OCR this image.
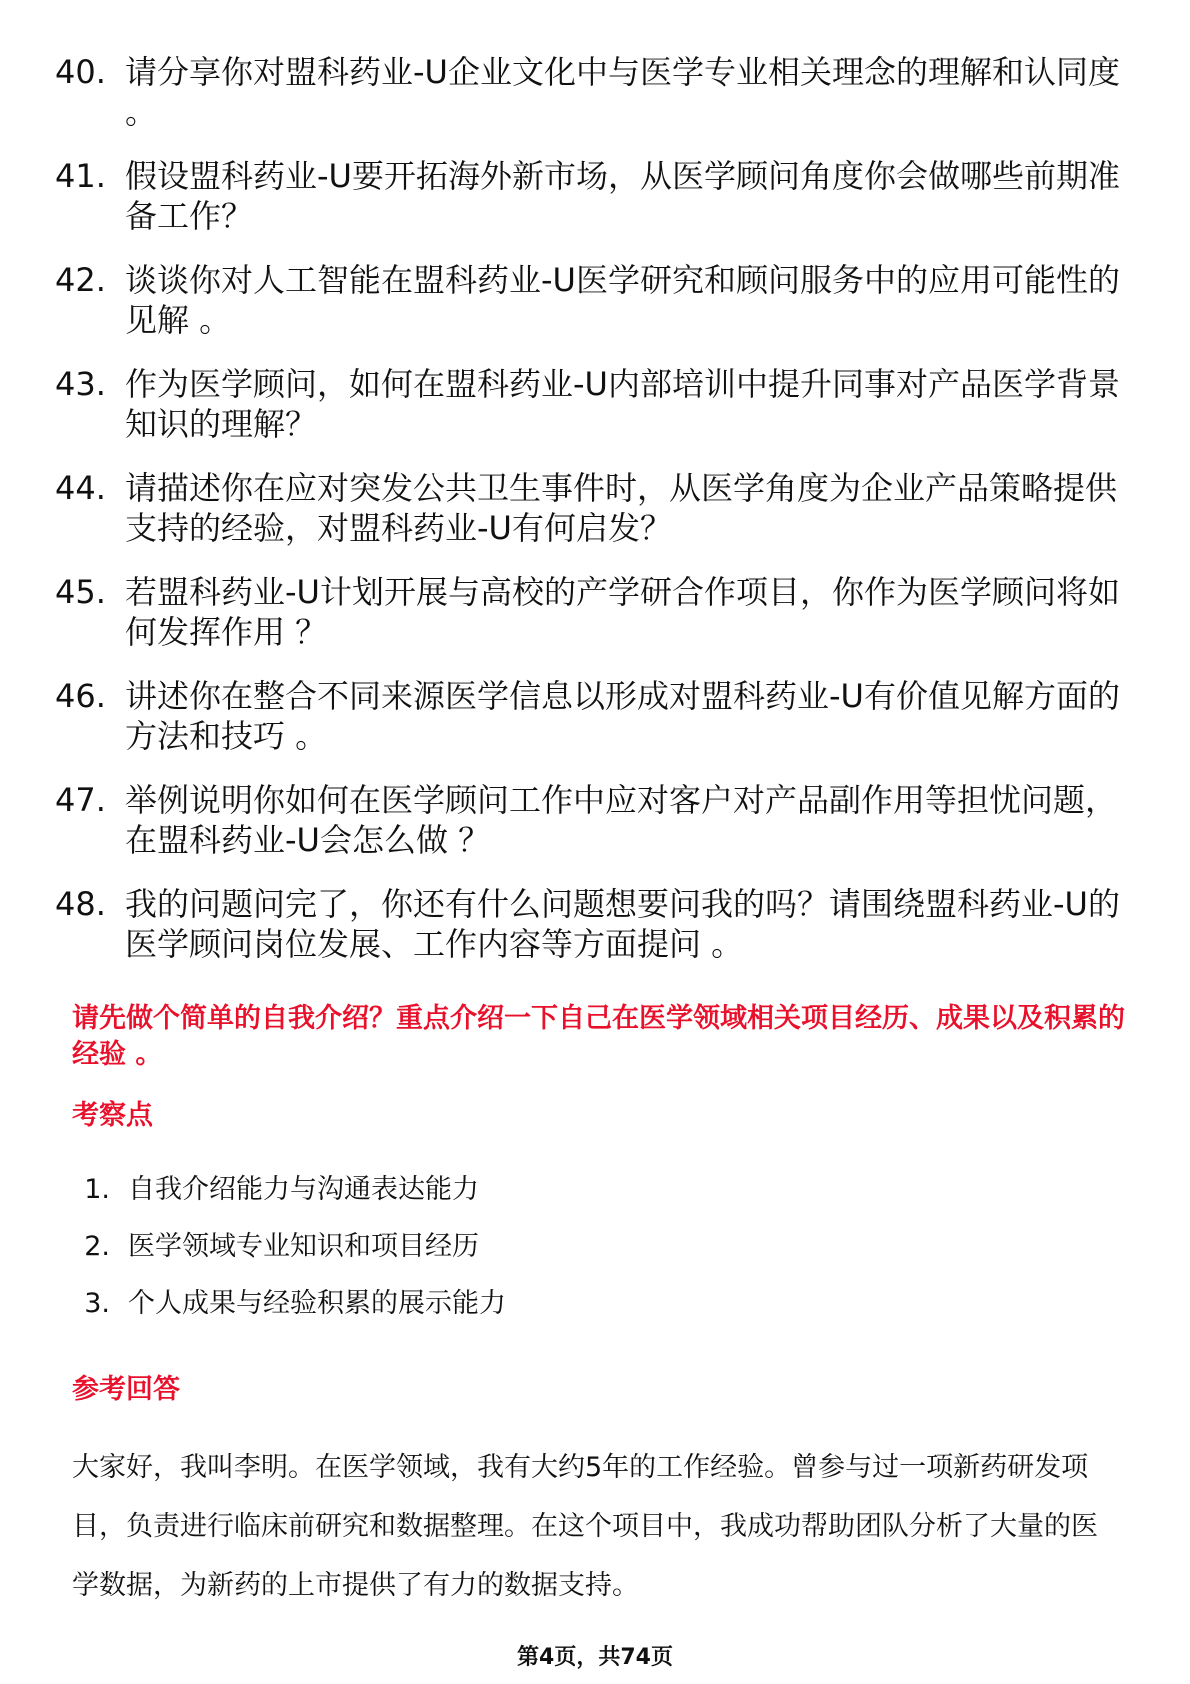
40. 请分享你对盟科药业-U企业文化中与医学专业相关理念的理解和认同度 。
41. 假设盟科药业-U要开拓海外新市场，从医学顾问角度你会做哪些前期准备工作？
42. 谈谈你对人工智能在盟科药业-U医学研究和顾问服务中的应用可能性的见解 。
43. 作为医学顾问，如何在盟科药业-U内部培训中提升同事对产品医学背景知识的理解？
44. 请描述你在应对突发公共卫生事件时，从医学角度为企业产品策略提供支持的经验，对盟科药业-U有何启发？
45. 若盟科药业-U计划开展与高校的产学研合作项目，你作为医学顾问将如何发挥作用 ？
46. 讲述你在整合不同来源医学信息以形成对盟科药业-U有价值见解方面的方法和技巧 。
47. 举例说明你如何在医学顾问工作中应对客户对产品副作用等担忧问题，在盟科药业-U会怎么做 ？
48. 我的问题问完了，你还有什么问题想要问我的吗？请围绕盟科药业-U的医学顾问岗位发展、工作内容等方面提问 。
请先做个简单的自我介绍？重点介绍一下自己在医学领域相关项目经历、成果以及积累的经验 。
考察点
1. 自我介绍能力与沟通表达能力
2. 医学领域专业知识和项目经历
3. 个人成果与经验积累的展示能力
参考回答
大家好，我叫李明。在医学领域，我有大约5年的工作经验。曾参与过一项新药研发项目，负责进行临床前研究和数据整理。在这个项目中，我成功帮助团队分析了大量的医学数据，为新药的上市提供了有力的数据支持。
第4页，共74页
